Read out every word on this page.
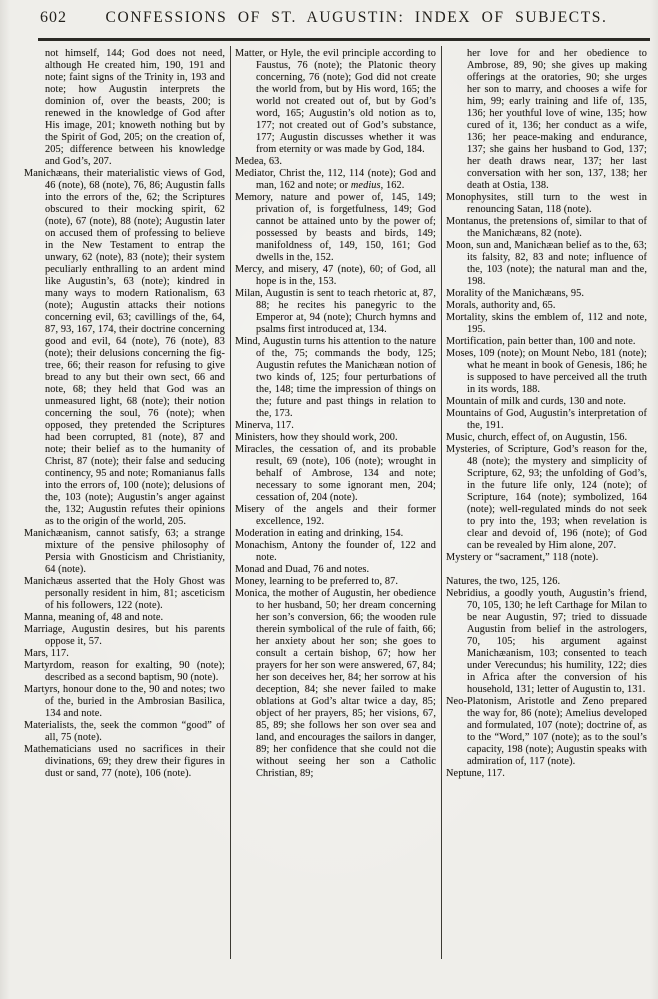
602	CONFESSIONS OF ST. AUGUSTIN: INDEX OF SUBJECTS.

not himself, 144; God does not need, although He created him, 190, 191 and note; faint signs of the Trinity in, 193 and note; how Augustin interprets the dominion of, over the beasts, 200; is renewed in the knowledge of God after His image, 201; knoweth nothing but by the Spirit of God, 205; on the creation of, 205; difference between his knowledge and God’s, 207.

Manichæans, their materialistic views of God, 46 (note), 68 (note), 76, 86; Augustin falls into the errors of the, 62; the Scriptures obscured to their mocking spirit, 62 (note), 67 (note), 88 (note); Augustin later on accused them of professing to believe in the New Testament to entrap the unwary, 62 (note), 83 (note); their system peculiarly enthralling to an ardent mind like Augustin’s, 63 (note); kindred in many ways to modern Rationalism, 63 (note); Augustin attacks their notions concerning evil, 63; cavillings of the, 64, 87, 93, 167, 174, their doctrine concerning good and evil, 64 (note), 76 (note), 83 (note); their delusions concerning the fig-tree, 66; their reason for refusing to give bread to any but their own sect, 66 and note, 68; they held that God was an unmeasured light, 68 (note); their notion concerning the soul, 76 (note); when opposed, they pretended the Scriptures had been corrupted, 81 (note), 87 and note; their belief as to the humanity of Christ, 87 (note); their false and seducing continency, 95 and note; Romanianus falls into the errors of, 100 (note); delusions of the, 103 (note); Augustin’s anger against the, 132; Augustin refutes their opinions as to the origin of the world, 205.

Manichæanism, cannot satisfy, 63; a strange mixture of the pensive philosophy of Persia with Gnosticism and Christianity, 64 (note).

Manichæus asserted that the Holy Ghost was personally resident in him, 81; asceticism of his followers, 122 (note).

Manna, meaning of, 48 and note.

Marriage, Augustin desires, but his parents oppose it, 57.

Mars, 117.

Martyrdom, reason for exalting, 90 (note); described as a second baptism, 90 (note).

Martyrs, honour done to the, 90 and notes; two of the, buried in the Ambrosian Basilica, 134 and note.

Materialists, the, seek the common “good” of all, 75 (note).

Mathematicians used no sacrifices in their divinations, 69; they drew their figures in dust or sand, 77 (note), 106 (note).

Matter, or Hyle, the evil principle according to Faustus, 76 (note); the Platonic theory concerning, 76 (note); God did not create the world from, but by His word, 165; the world not created out of, but by God’s word, 165; Augustin’s old notion as to, 177; not created out of God’s substance, 177; Augustin discusses whether it was from eternity or was made by God, 184.

Medea, 63.

Mediator, Christ the, 112, 114 (note); God and man, 162 and note; or medius, 162.

Memory, nature and power of, 145, 149; privation of, is forgetfulness, 149; God cannot be attained unto by the power of; possessed by beasts and birds, 149; manifoldness of, 149, 150, 161; God dwells in the, 152.

Mercy, and misery, 47 (note), 60; of God, all hope is in the, 153.

Milan, Augustin is sent to teach rhetoric at, 87, 88; he recites his panegyric to the Emperor at, 94 (note); Church hymns and psalms first introduced at, 134.

Mind, Augustin turns his attention to the nature of the, 75; commands the body, 125; Augustin refutes the Manichæan notion of two kinds of, 125; four perturbations of the, 148; time the impression of things on the; future and past things in relation to the, 173.

Minerva, 117.

Ministers, how they should work, 200.

Miracles, the cessation of, and its probable result, 69 (note), 106 (note); wrought in behalf of Ambrose, 134 and note; necessary to some ignorant men, 204; cessation of, 204 (note).

Misery of the angels and their former excellence, 192.

Moderation in eating and drinking, 154.

Monachism, Antony the founder of, 122 and note.

Monad and Duad, 76 and notes.

Money, learning to be preferred to, 87.

Monica, the mother of Augustin, her obedience to her husband, 50; her dream concerning her son’s conversion, 66; the wooden rule therein symbolical of the rule of faith, 66; her anxiety about her son; she goes to consult a certain bishop, 67; how her prayers for her son were answered, 67, 84; her son deceives her, 84; her sorrow at his deception, 84; she never failed to make oblations at God’s altar twice a day, 85; object of her prayers, 85; her visions, 67, 85, 89; she follows her son over sea and land, and encourages the sailors in danger, 89; her confidence that she could not die without seeing her son a Catholic Christian, 89;

her love for and her obedience to Ambrose, 89, 90; she gives up making offerings at the oratories, 90; she urges her son to marry, and chooses a wife for him, 99; early training and life of, 135, 136; her youthful love of wine, 135; how cured of it, 136; her conduct as a wife, 136; her peace-making and endurance, 137; she gains her husband to God, 137; her death draws near, 137; her last conversation with her son, 137, 138; her death at Ostia, 138.

Monophysites, still turn to the west in renouncing Satan, 118 (note).

Montanus, the pretensions of, similar to that of the Manichæans, 82 (note).

Moon, sun and, Manichæan belief as to the, 63; its falsity, 82, 83 and note; influence of the, 103 (note); the natural man and the, 198.

Morality of the Manichæans, 95.

Morals, authority and, 65.

Mortality, skins the emblem of, 112 and note, 195.

Mortification, pain better than, 100 and note.

Moses, 109 (note); on Mount Nebo, 181 (note); what he meant in book of Genesis, 186; he is supposed to have perceived all the truth in its words, 188.

Mountain of milk and curds, 130 and note.

Mountains of God, Augustin’s interpretation of the, 191.

Music, church, effect of, on Augustin, 156.

Mysteries, of Scripture, God’s reason for the, 48 (note); the mystery and simplicity of Scripture, 62, 93; the unfolding of God’s, in the future life only, 124 (note); of Scripture, 164 (note); symbolized, 164 (note); well-regulated minds do not seek to pry into the, 193; when revelation is clear and devoid of, 196 (note); of God can be revealed by Him alone, 207.

Mystery or “sacrament,” 118 (note).

Natures, the two, 125, 126.

Nebridius, a goodly youth, Augustin’s friend, 70, 105, 130; he left Carthage for Milan to be near Augustin, 97; tried to dissuade Augustin from belief in the astrologers, 70, 105; his argument against Manichæanism, 103; consented to teach under Verecundus; his humility, 122; dies in Africa after the conversion of his household, 131; letter of Augustin to, 131.

Neo-Platonism, Aristotle and Zeno prepared the way for, 86 (note); Amelius developed and formulated, 107 (note); doctrine of, as to the “Word,” 107 (note); as to the soul’s capacity, 198 (note); Augustin speaks with admiration of, 117 (note).

Neptune, 117.
